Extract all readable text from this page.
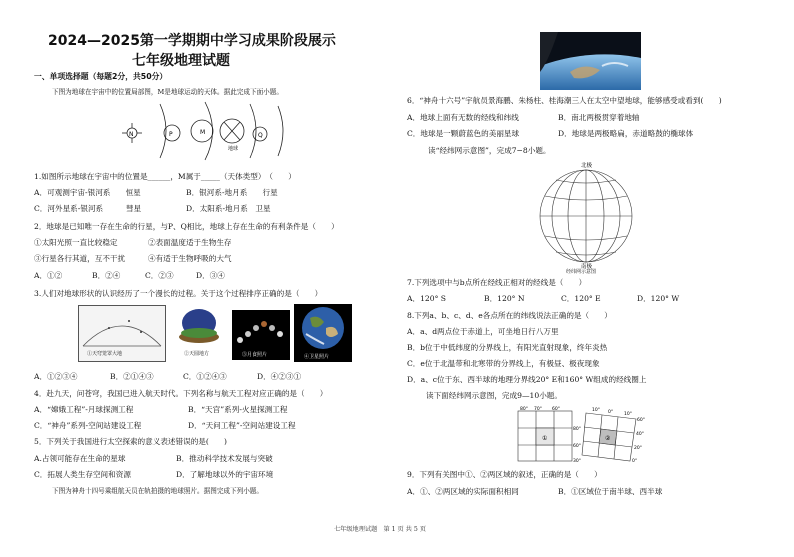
2024—2025第一学期期中学习成果阶段展示
七年级地理试题
一、单项选择题（每题2分，共50分）
下图为地球在宇宙中的位置局部图，M是地球运动的天体。据此完成下面小题。
N	P	M	Q
地球
1.如图所示地球在宇宙中的位置是______，M属于_____（天体类型）　（　　）
A．可观测宇宙-银河系　　恒星	B．银河系-地月系　　行星
C．河外星系-银河系　　　彗星	D．太阳系-地月系　卫星
2．地球是已知唯一存在生命的行星，与P、Q相比，地球上存在生命的有利条件是（　　）
①太阳光照一直比较稳定	②表面温度适于生物生存
③行星各行其道，互不干扰	④有适于生物呼吸的大气
A．①②	B．②④	C．②③	D．③④
3.人们对地球形状的认识经历了一个漫长的过程。关于这个过程排序正确的是（　　）
①天穹笼罩大地	②天圆地方	③月食照片	④卫星照片
A．①②③④	B．②①④③	C．①②④③	D．④②③①
4．赴九天，问苍穹，我国已进入航天时代。下列名称与航天工程对应正确的是（　　）
A．“嫦娥工程”-月球探测工程	B．“天宫”系列-火星探测工程
C．“神舟”系列-空间站建设工程	D．“天问工程”-空间站建设工程
5．下列关于我国进行太空探索的意义表述错误的是(　　)
A.占领可能存在生命的星球	B．推动科学技术发展与突破
C．拓展人类生存空间和资源	D．了解地球以外的宇宙环境
下图为神舟十四号乘组航天员在轨拍摄的地球照片。据图完成下列小题。
6．“神舟十六号”宇航员景海鹏、朱杨柱、桂海潮三人在太空中望地球，能够感受或看到(　　)
A．地球上面有无数的经线和纬线	B．南北两极贯穿着地轴
C．地球是一颗蔚蓝色的美丽星球	D．地球是两极略扁，赤道略鼓的椭球体
读“经纬网示意图”，完成7−8小题。
北极
南极
经纬网示意图
7.下列选项中与b点所在经线正相对的经线是（　　）
A．120° S	B．120° N	C．120° E	D．120° W
8.下列a、b、c、d、e各点所在的纬线说法正确的是（　　）
A．a、d两点位于赤道上，可坐地日行八万里
B．b位于中低纬度的分界线上，有阳光直射现象，终年炎热
C．e位于北温带和北寒带的分界线上，有极昼、极夜现象
D．a、c位于东、西半球的地理分界线20° E和160° W组成的经线圈上
读下面经纬网示意图，完成9—10小题。
①	②
80° 70° 60°	10° 0° 10°
60°
40°
20°
0°
80°
60°
30°
9．下列有关图中①、②两区域的叙述，正确的是（　　）
A．①、②两区域的实际面积相同	B．①区域位于南半球、西半球
七年级地理试题　第 1 页 共 5 页
